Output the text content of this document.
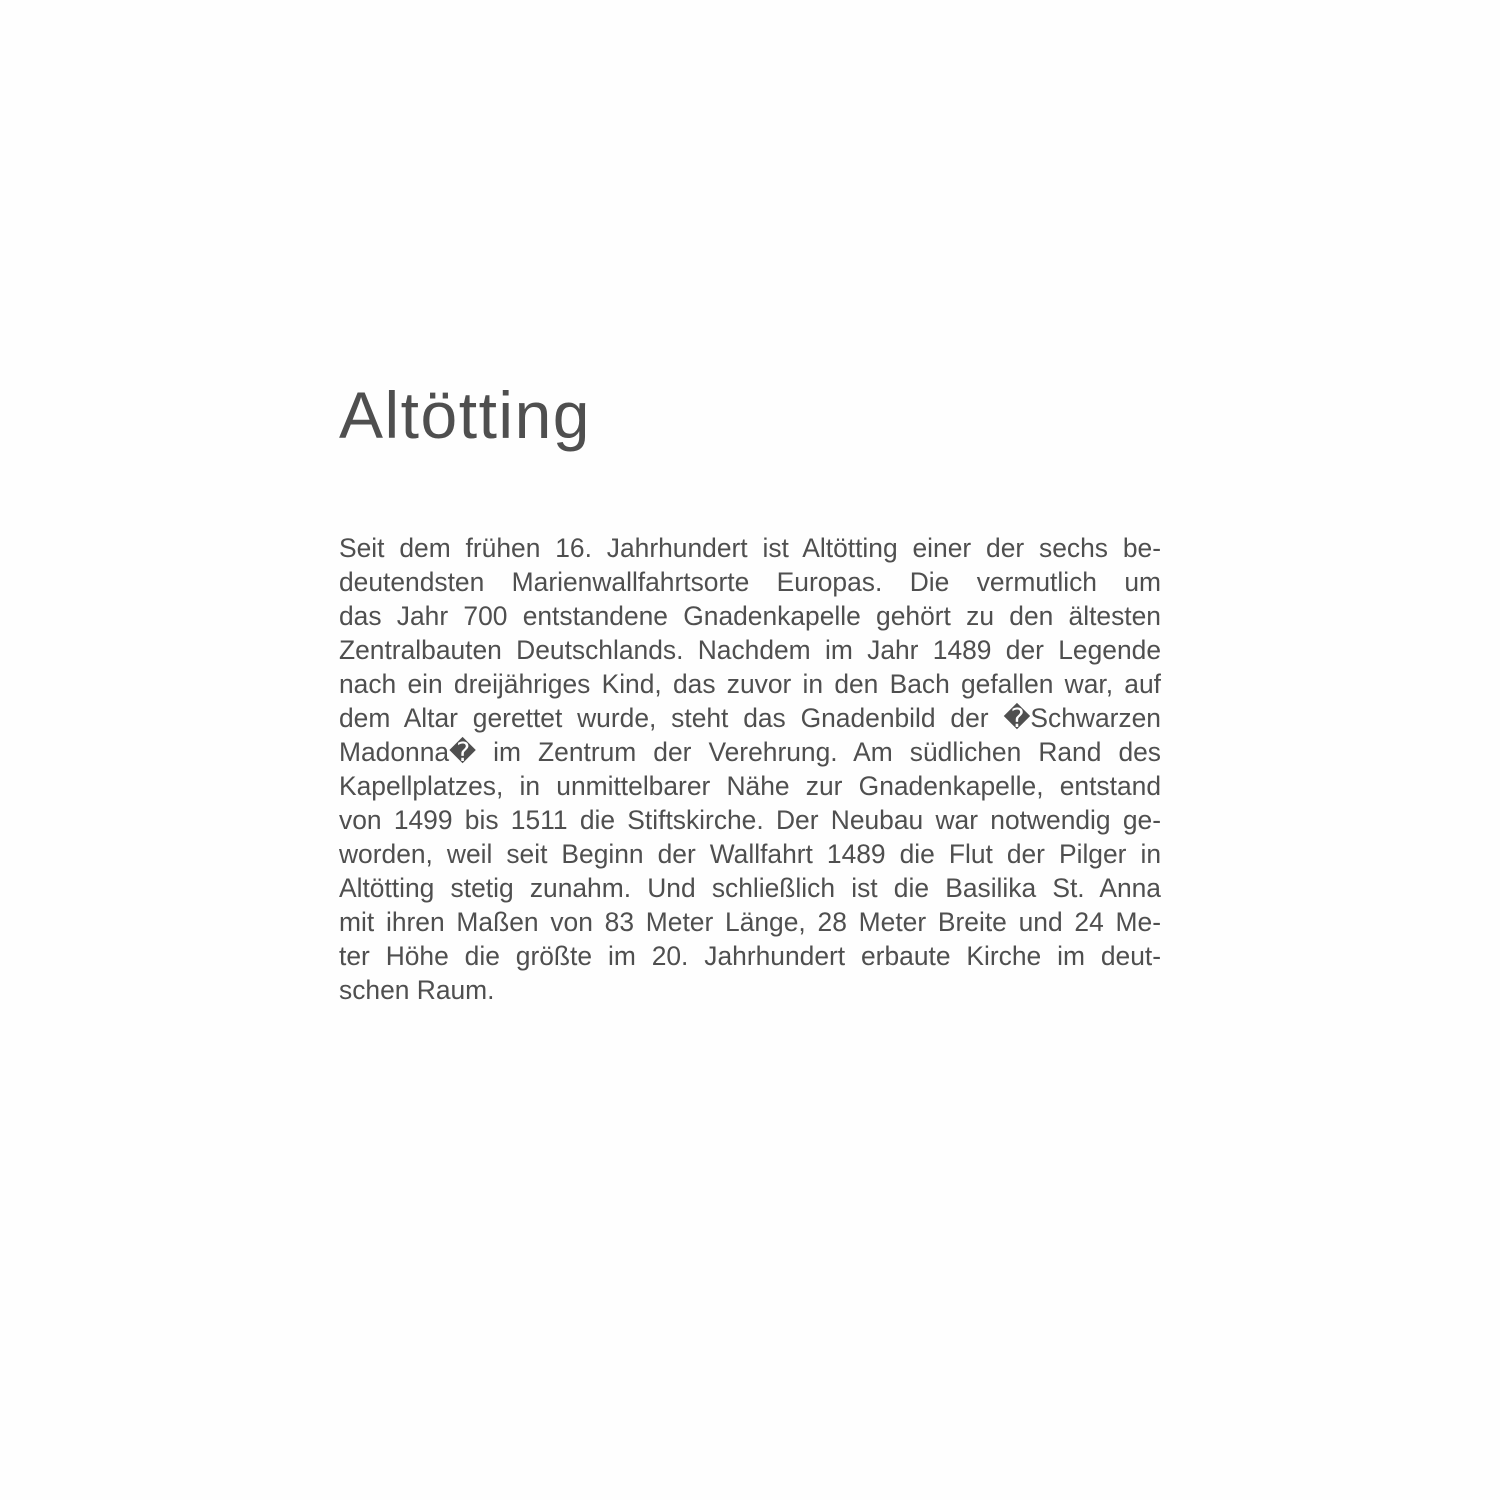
Altötting
Seit dem frühen 16. Jahrhundert ist Altötting einer der sechs be-
deutendsten Marienwallfahrtsorte Europas. Die vermutlich um
das Jahr 700 entstandene Gnadenkapelle gehört zu den ältesten
Zentralbauten Deutschlands. Nachdem im Jahr 1489 der Legende
nach ein dreijähriges Kind, das zuvor in den Bach gefallen war, auf
dem Altar gerettet wurde, steht das Gnadenbild der �Schwarzen
Madonna� im Zentrum der Verehrung. Am südlichen Rand des
Kapellplatzes, in unmittelbarer Nähe zur Gnadenkapelle, entstand
von 1499 bis 1511 die Stiftskirche. Der Neubau war notwendig ge-
worden, weil seit Beginn der Wallfahrt 1489 die Flut der Pilger in
Altötting stetig zunahm. Und schließlich ist die Basilika St. Anna
mit ihren Maßen von 83 Meter Länge, 28 Meter Breite und 24 Me-
ter Höhe die größte im 20. Jahrhundert erbaute Kirche im deut-
schen Raum.
